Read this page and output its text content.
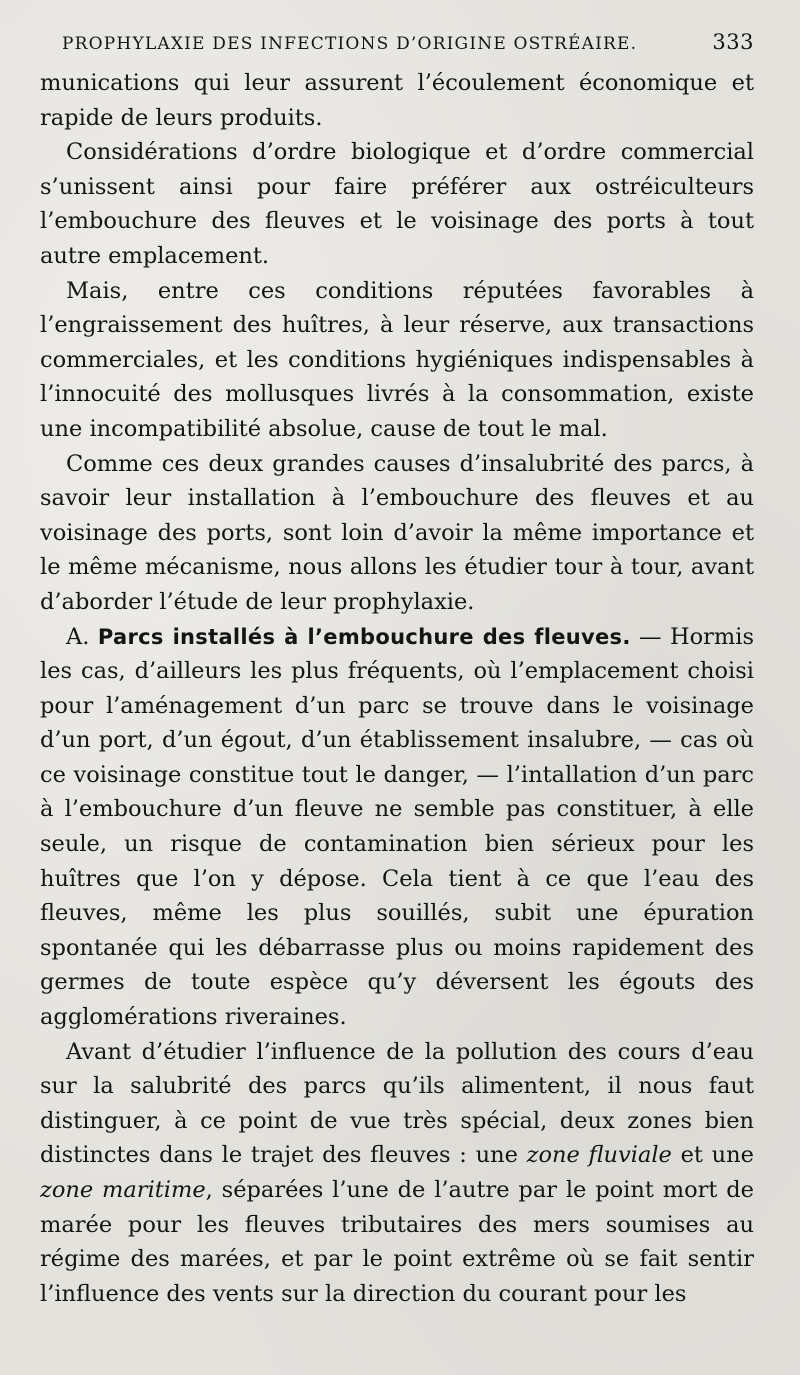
PROPHYLAXIE DES INFECTIONS D’ORIGINE OSTRÉAIRE.	333

munications qui leur assurent l’écoulement économique et rapide de leurs produits.

Considérations d’ordre biologique et d’ordre commercial s’unissent ainsi pour faire préférer aux ostréiculteurs l’embouchure des fleuves et le voisinage des ports à tout autre emplacement.

Mais, entre ces conditions réputées favorables à l’engraissement des huîtres, à leur réserve, aux transactions commerciales, et les conditions hygiéniques indispensables à l’innocuité des mollusques livrés à la consommation, existe une incompatibilité absolue, cause de tout le mal.

Comme ces deux grandes causes d’insalubrité des parcs, à savoir leur installation à l’embouchure des fleuves et au voisinage des ports, sont loin d’avoir la même importance et le même mécanisme, nous allons les étudier tour à tour, avant d’aborder l’étude de leur prophylaxie.

A. Parcs installés à l’embouchure des fleuves. — Hormis les cas, d’ailleurs les plus fréquents, où l’emplacement choisi pour l’aménagement d’un parc se trouve dans le voisinage d’un port, d’un égout, d’un établissement insalubre, — cas où ce voisinage constitue tout le danger, — l’intallation d’un parc à l’embouchure d’un fleuve ne semble pas constituer, à elle seule, un risque de contamination bien sérieux pour les huîtres que l’on y dépose. Cela tient à ce que l’eau des fleuves, même les plus souillés, subit une épuration spontanée qui les débarrasse plus ou moins rapidement des germes de toute espèce qu’y déversent les égouts des agglomérations riveraines.

Avant d’étudier l’influence de la pollution des cours d’eau sur la salubrité des parcs qu’ils alimentent, il nous faut distinguer, à ce point de vue très spécial, deux zones bien distinctes dans le trajet des fleuves : une zone fluviale et une zone maritime, séparées l’une de l’autre par le point mort de marée pour les fleuves tributaires des mers soumises au régime des marées, et par le point extrême où se fait sentir l’influence des vents sur la direction du courant pour les
